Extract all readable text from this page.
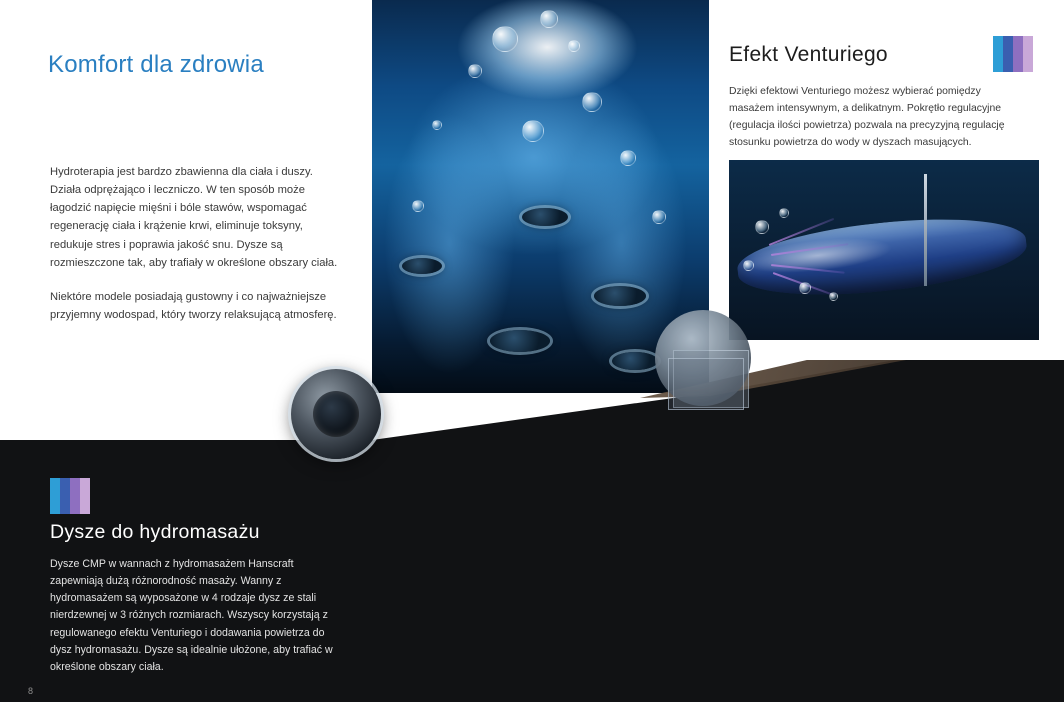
Komfort dla zdrowia

Hydroterapia jest bardzo zbawienna dla ciała i duszy. Działa odprężająco i leczniczo. W ten sposób może łagodzić napięcie mięśni i bóle stawów, wspomagać regenerację ciała i krążenie krwi, eliminuje toksyny, redukuje stres i poprawia jakość snu. Dysze są rozmieszczone tak, aby trafiały w określone obszary ciała.

Niektóre modele posiadają gustowny i co najważniejsze przyjemny wodospad, który tworzy relaksującą atmosferę.

Efekt Venturiego
Dzięki efektowi Venturiego możesz wybierać pomiędzy masażem intensywnym, a delikatnym. Pokrętło regulacyjne (regulacja ilości powietrza) pozwala na precyzyjną regulację stosunku powietrza do wody w dyszach masujących.
Dysze do hydromasażu
Dysze CMP w wannach z hydromasażem Hanscraft zapewniają dużą różnorodność masaży. Wanny z hydromasażem są wyposażone w 4 rodzaje dysz ze stali nierdzewnej w 3 różnych rozmiarach. Wszyscy korzystają z regulowanego efektu Venturiego i dodawania powietrza do dysz hydromasażu. Dysze są idealnie ułożone, aby trafiać w określone obszary ciała.
8
